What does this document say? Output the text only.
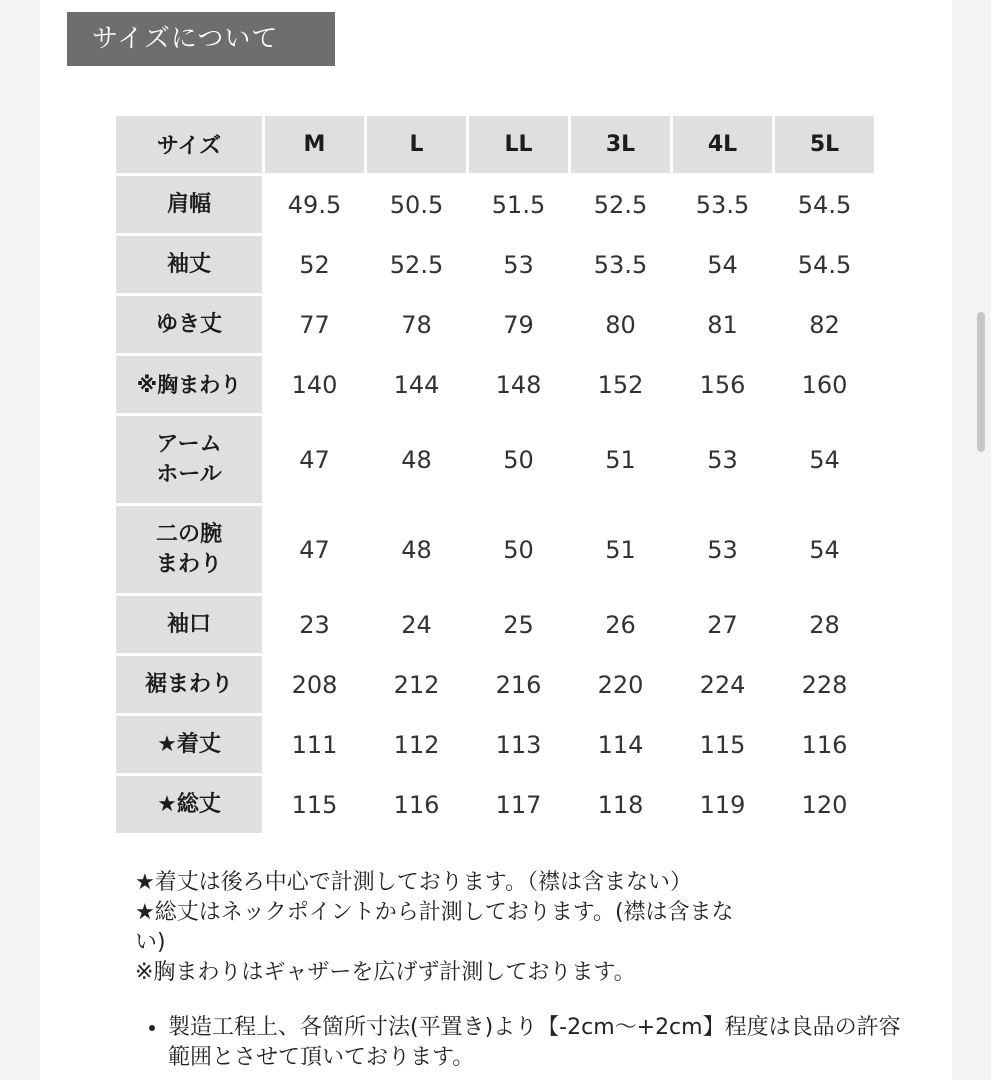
サイズについて
サイズ	M	L	LL	3L	4L	5L
肩幅	49.5	50.5	51.5	52.5	53.5	54.5
袖丈	52	52.5	53	53.5	54	54.5
ゆき丈	77	78	79	80	81	82
※胸まわり	140	144	148	152	156	160

アーム
ホール	47	48	50	51	53	54

二の腕
まわり	47	48	50	51	53	54
袖口	23	24	25	26	27	28
裾まわり	208	212	216	220	224	228
★着丈	111	112	113	114	115	116
★総丈	115	116	117	118	119	120

★着丈は後ろ中心で計測しております。（襟は含まない）

★総丈はネックポイントから計測しております。(襟は含まな

い)

※胸まわりはギャザーを広げず計測しております。

• 製造工程上、各箇所寸法(平置き)より【-2cm～+2cm】程度は良品の許容範囲とさせて頂いております。
